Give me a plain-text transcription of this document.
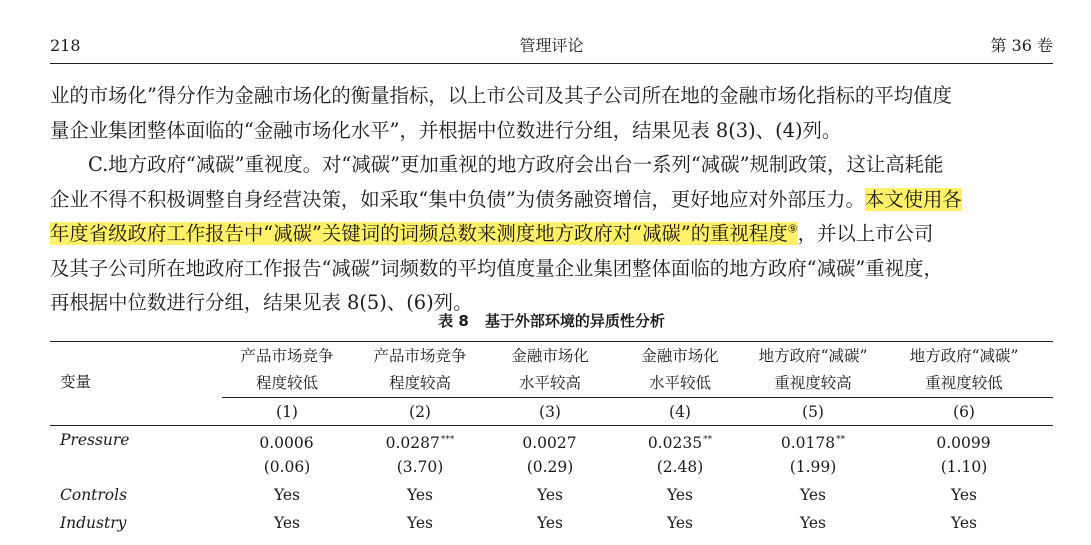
218	管理评论	第 36 卷
业的市场化”得分作为金融市场化的衡量指标，以上市公司及其子公司所在地的金融市场化指标的平均值度
量企业集团整体面临的“金融市场化水平”，并根据中位数进行分组，结果见表 8(3)、(4)列。
C.地方政府“减碳”重视度。对“减碳”更加重视的地方政府会出台一系列“减碳”规制政策，这让高耗能
企业不得不积极调整自身经营决策，如采取“集中负债”为债务融资增信，更好地应对外部压力。本文使用各
年度省级政府工作报告中“减碳”关键词的词频总数来测度地方政府对“减碳”的重视程度⑨，并以上市公司
及其子公司所在地政府工作报告“减碳”词频数的平均值度量企业集团整体面临的地方政府“减碳”重视度，
再根据中位数进行分组，结果见表 8(5)、(6)列。
表 8 基于外部环境的异质性分析
变量
产品市场竞争	产品市场竞争	金融市场化	金融市场化	地方政府“减碳”	地方政府“减碳”
程度较低	程度较高	水平较高	水平较低	重视度较高	重视度较低
(1)	(2)	(3)	(4)	(5)	(6)
Pressure	0.0006	0.0287***	0.0027	0.0235**	0.0178**	0.0099
(0.06)	(3.70)	(0.29)	(2.48)	(1.99)	(1.10)
Controls	Yes	Yes	Yes	Yes	Yes	Yes
Industry	Yes	Yes	Yes	Yes	Yes	Yes
